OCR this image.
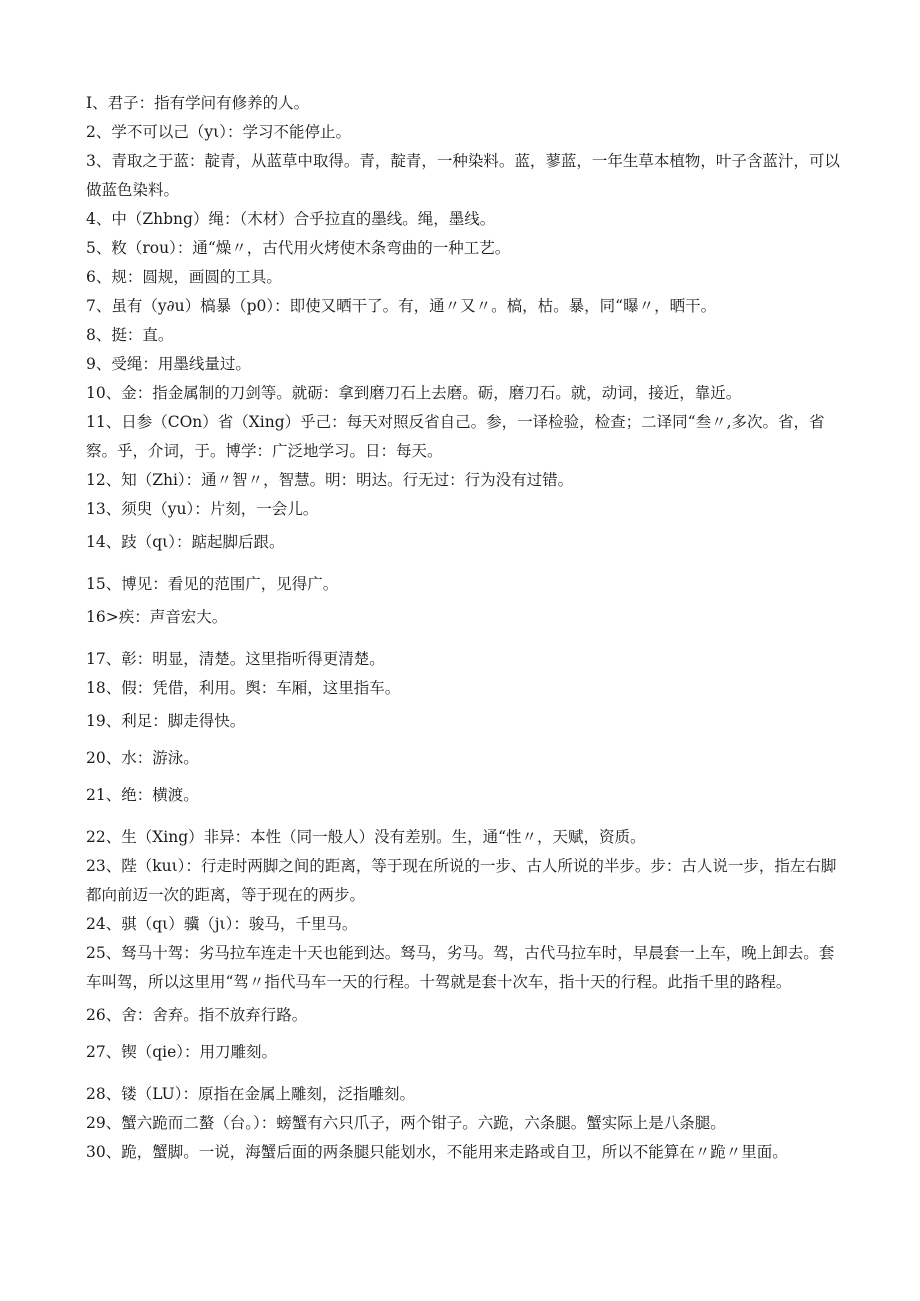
I、君子：指有学问有修养的人。
2、学不可以己（yι）：学习不能停止。
3、青取之于蓝：靛青，从蓝草中取得。青，靛青，一种染料。蓝，蓼蓝，一年生草本植物，叶子含蓝汁，可以做蓝色染料。
4、中（Zhbng）绳：（木材）合乎拉直的墨线。绳，墨线。
5、敉（rou）：通“燥〃，古代用火烤使木条弯曲的一种工艺。
6、规：圆规，画圆的工具。
7、虽有（y∂u）槁暴（p0）：即使又晒干了。有，通〃又〃。槁，枯。暴，同“曝〃，晒干。
8、挺：直。
9、受绳：用墨线量过。
10、金：指金属制的刀剑等。就砺：拿到磨刀石上去磨。砺，磨刀石。就，动词，接近，靠近。
11、日参（COn）省（Xing）乎己：每天对照反省自己。参，一译检验，检查；二译同“叁〃,多次。省，省察。乎，介词，于。博学：广泛地学习。日：每天。
12、知（Zhi）：通〃智〃，智慧。明：明达。行无过：行为没有过错。
13、须臾（yu）：片刻，一会儿。
14、跂（qι）：踮起脚后跟。
15、博见：看见的范围广，见得广。
16>疾：声音宏大。
17、彰：明显，清楚。这里指听得更清楚。
18、假：凭借，利用。舆：车厢，这里指车。
19、利足：脚走得快。
20、水：游泳。
21、绝：横渡。
22、生（Xing）非异：本性（同一般人）没有差别。生，通“性〃，天赋，资质。
23、陛（kuι）：行走时两脚之间的距离，等于现在所说的一步、古人所说的半步。步：古人说一步，指左右脚都向前迈一次的距离，等于现在的两步。
24、骐（qι）骥（jι）：骏马，千里马。
25、驽马十驾：劣马拉车连走十天也能到达。驽马，劣马。驾，古代马拉车时，早晨套一上车，晚上卸去。套车叫驾，所以这里用“驾〃指代马车一天的行程。十驾就是套十次车，指十天的行程。此指千里的路程。
26、舍：舍弃。指不放弃行路。
27、锲（qie）：用刀雕刻。
28、镂（LU）：原指在金属上雕刻，泛指雕刻。
29、蟹六跪而二螯（台。）：螃蟹有六只爪子，两个钳子。六跪，六条腿。蟹实际上是八条腿。
30、跪，蟹脚。一说，海蟹后面的两条腿只能划水，不能用来走路或自卫，所以不能算在〃跪〃里面。
